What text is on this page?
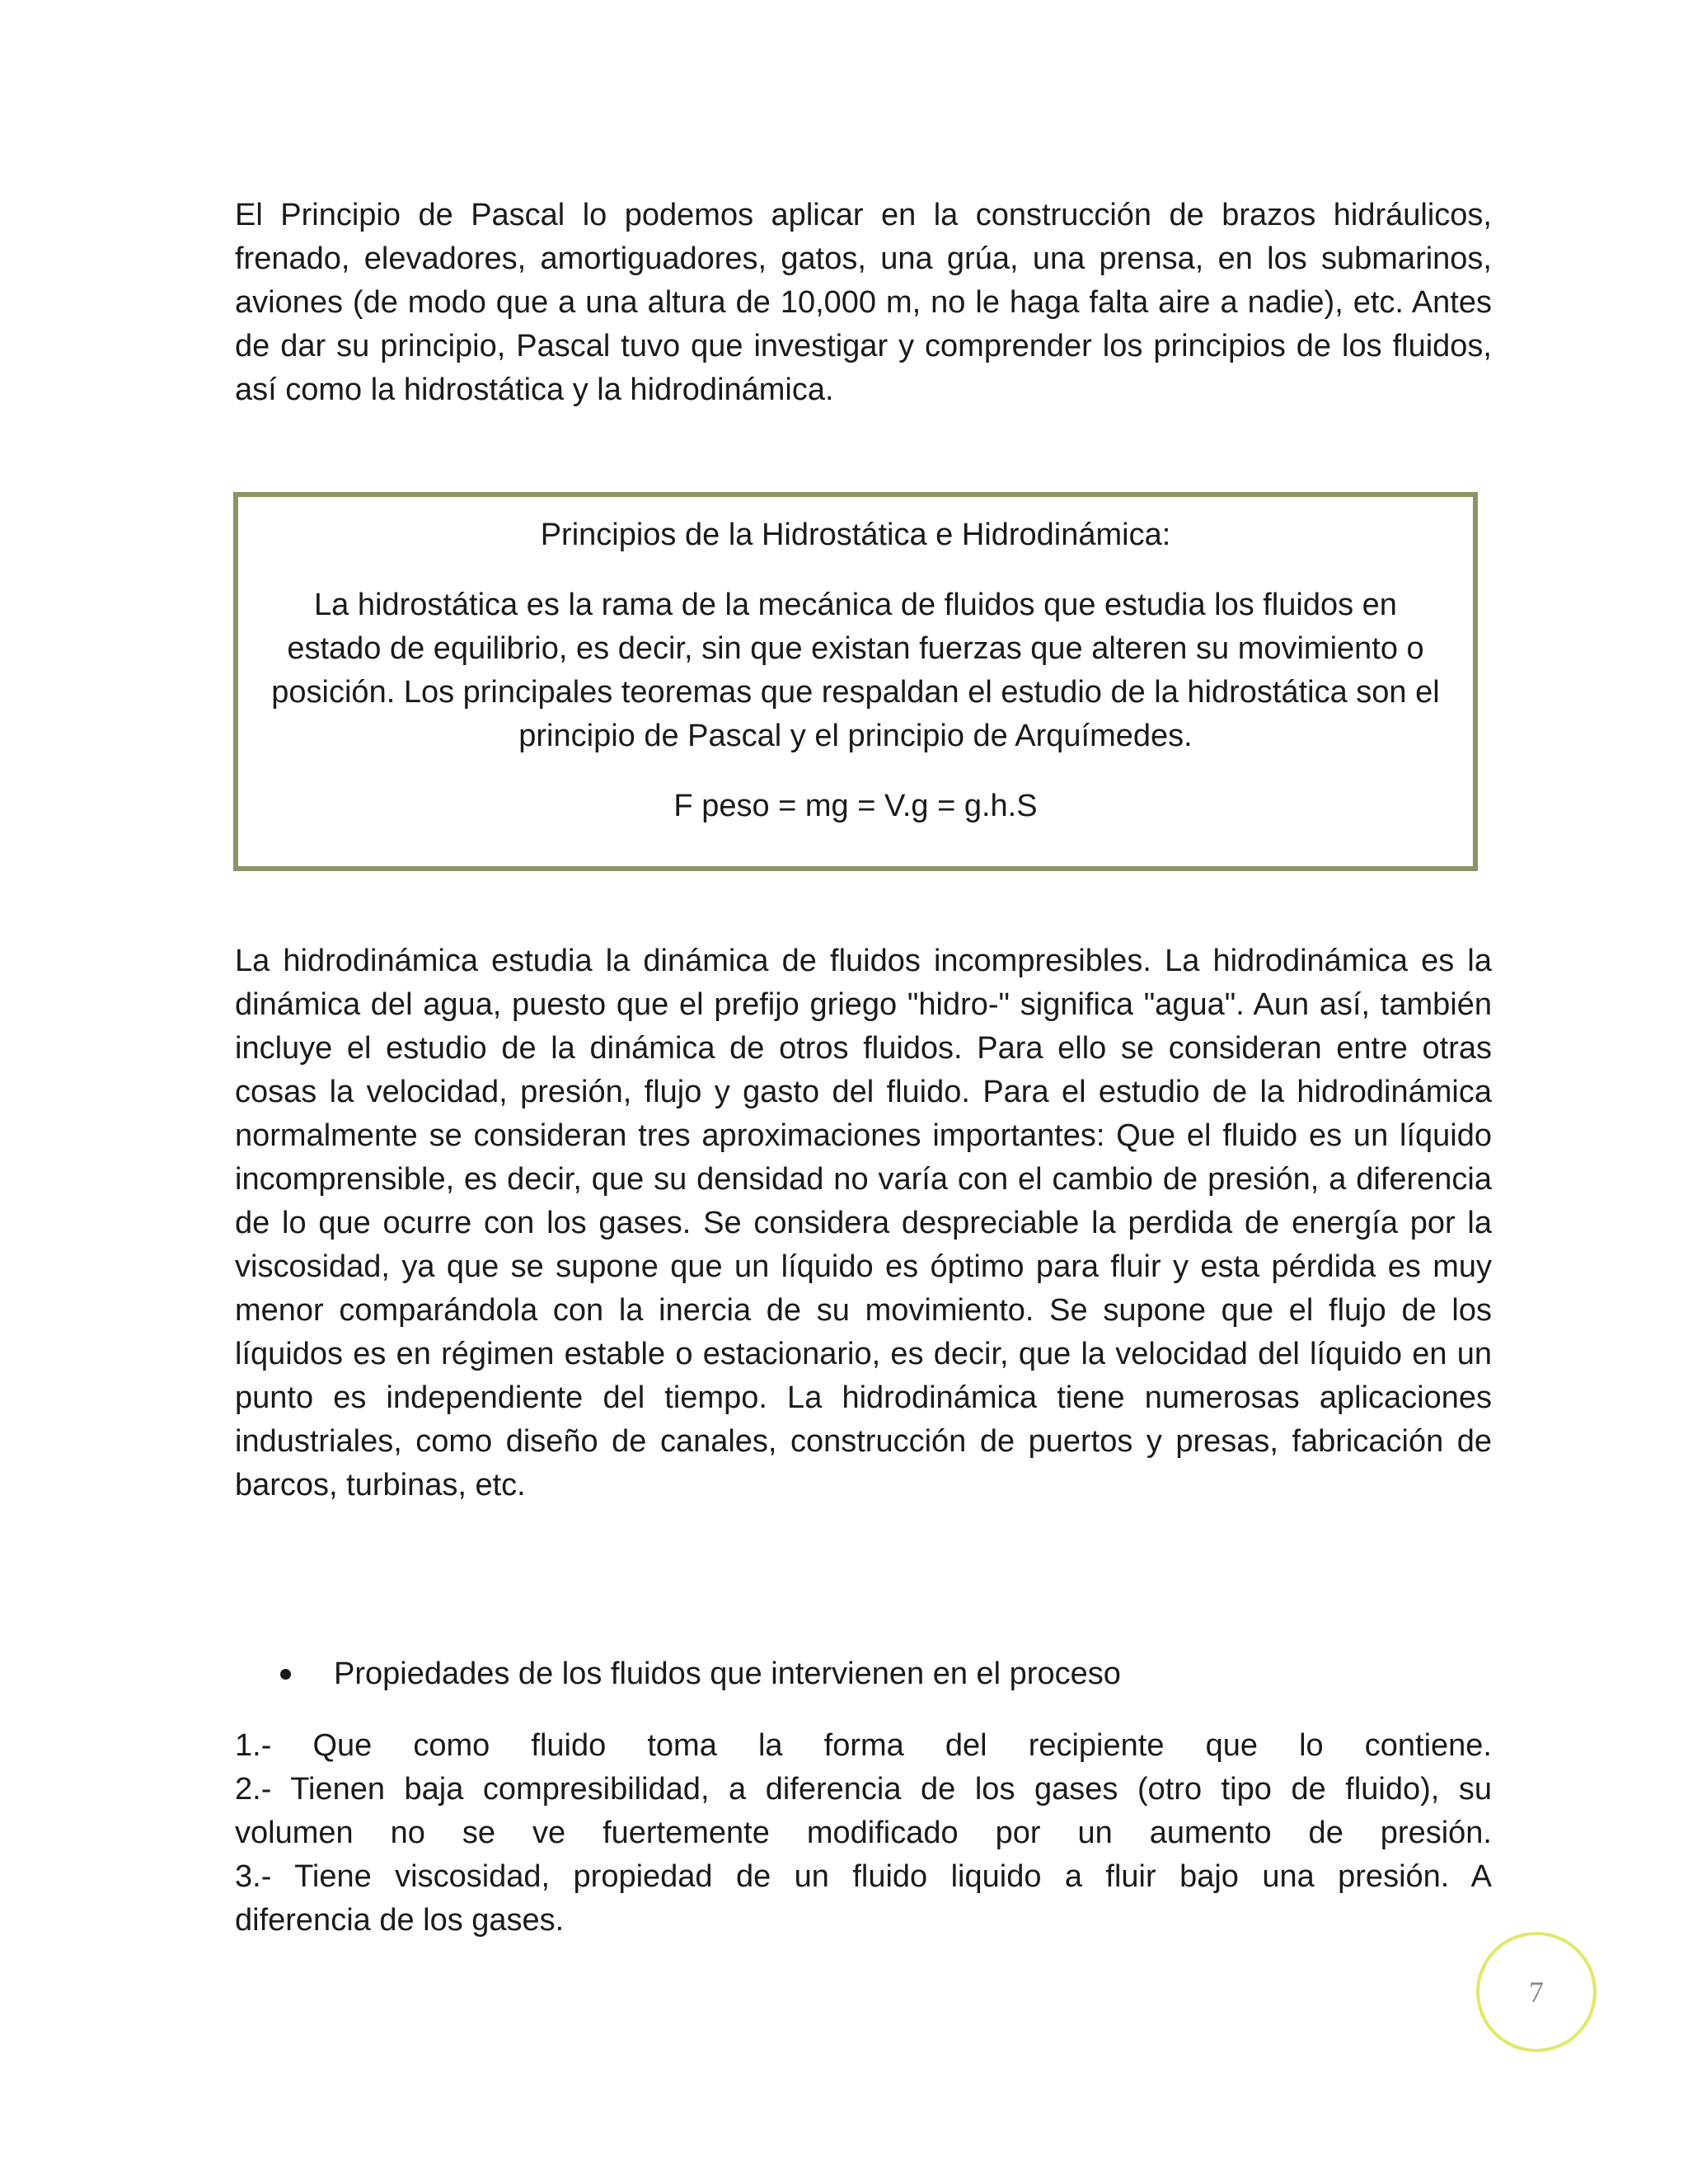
El Principio de Pascal lo podemos aplicar en la construcción de brazos hidráulicos, frenado, elevadores, amortiguadores, gatos, una grúa, una prensa, en los submarinos, aviones (de modo que a una altura de 10,000 m, no le haga falta aire a nadie), etc. Antes de dar su principio, Pascal tuvo que investigar y comprender los principios de los fluidos, así como la hidrostática y la hidrodinámica.

Principios de la Hidrostática e Hidrodinámica:

La hidrostática es la rama de la mecánica de fluidos que estudia los fluidos en estado de equilibrio, es decir, sin que existan fuerzas que alteren su movimiento o posición. Los principales teoremas que respaldan el estudio de la hidrostática son el principio de Pascal y el principio de Arquímedes.

F peso = mg = V.g = g.h.S

La hidrodinámica estudia la dinámica de fluidos incompresibles. La hidrodinámica es la dinámica del agua, puesto que el prefijo griego "hidro-" significa "agua". Aun así, también incluye el estudio de la dinámica de otros fluidos. Para ello se consideran entre otras cosas la velocidad, presión, flujo y gasto del fluido. Para el estudio de la hidrodinámica normalmente se consideran tres aproximaciones importantes: Que el fluido es un líquido incomprensible, es decir, que su densidad no varía con el cambio de presión, a diferencia de lo que ocurre con los gases. Se considera despreciable la perdida de energía por la viscosidad, ya que se supone que un líquido es óptimo para fluir y esta pérdida es muy menor comparándola con la inercia de su movimiento. Se supone que el flujo de los líquidos es en régimen estable o estacionario, es decir, que la velocidad del líquido en un punto es independiente del tiempo. La hidrodinámica tiene numerosas aplicaciones industriales, como diseño de canales, construcción de puertos y presas, fabricación de barcos, turbinas, etc.

Propiedades de los fluidos que intervienen en el proceso

1.- Que como fluido toma la forma del recipiente que lo contiene.

2.- Tienen baja compresibilidad, a diferencia de los gases (otro tipo de fluido), su

volumen no se ve fuertemente modificado por un aumento de presión.

3.- Tiene viscosidad, propiedad de un fluido liquido a fluir bajo una presión. A

diferencia de los gases.

7
